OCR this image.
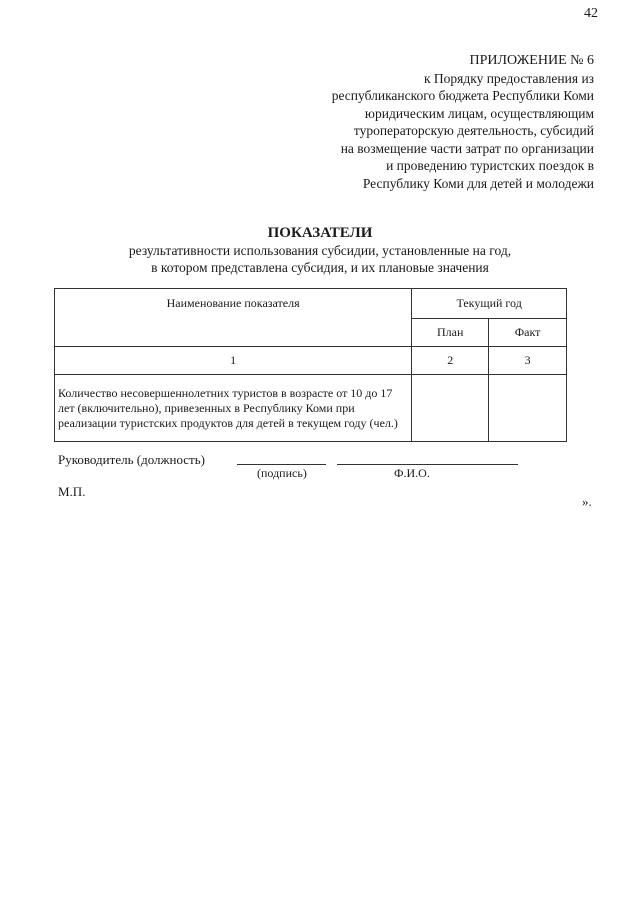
42
ПРИЛОЖЕНИЕ № 6
к Порядку предоставления из
республиканского бюджета Республики Коми
юридическим лицам, осуществляющим
туроператорскую деятельность, субсидий
на возмещение части затрат по организации
и проведению туристских поездок в
Республику Коми для детей и молодежи
ПОКАЗАТЕЛИ
результативности использования субсидии, установленные на год,
в котором представлена субсидия, и их плановые значения
Наименование показателя	Текущий год	
	План	Факт
1	2	3
Количество несовершеннолетних туристов в возрасте от 10 до 17 лет (включительно), привезенных в Республику Коми при реализации туристских продуктов для детей в текущем году (чел.)		
Руководитель (должность)
(подпись)	Ф.И.О.
М.П.
».
